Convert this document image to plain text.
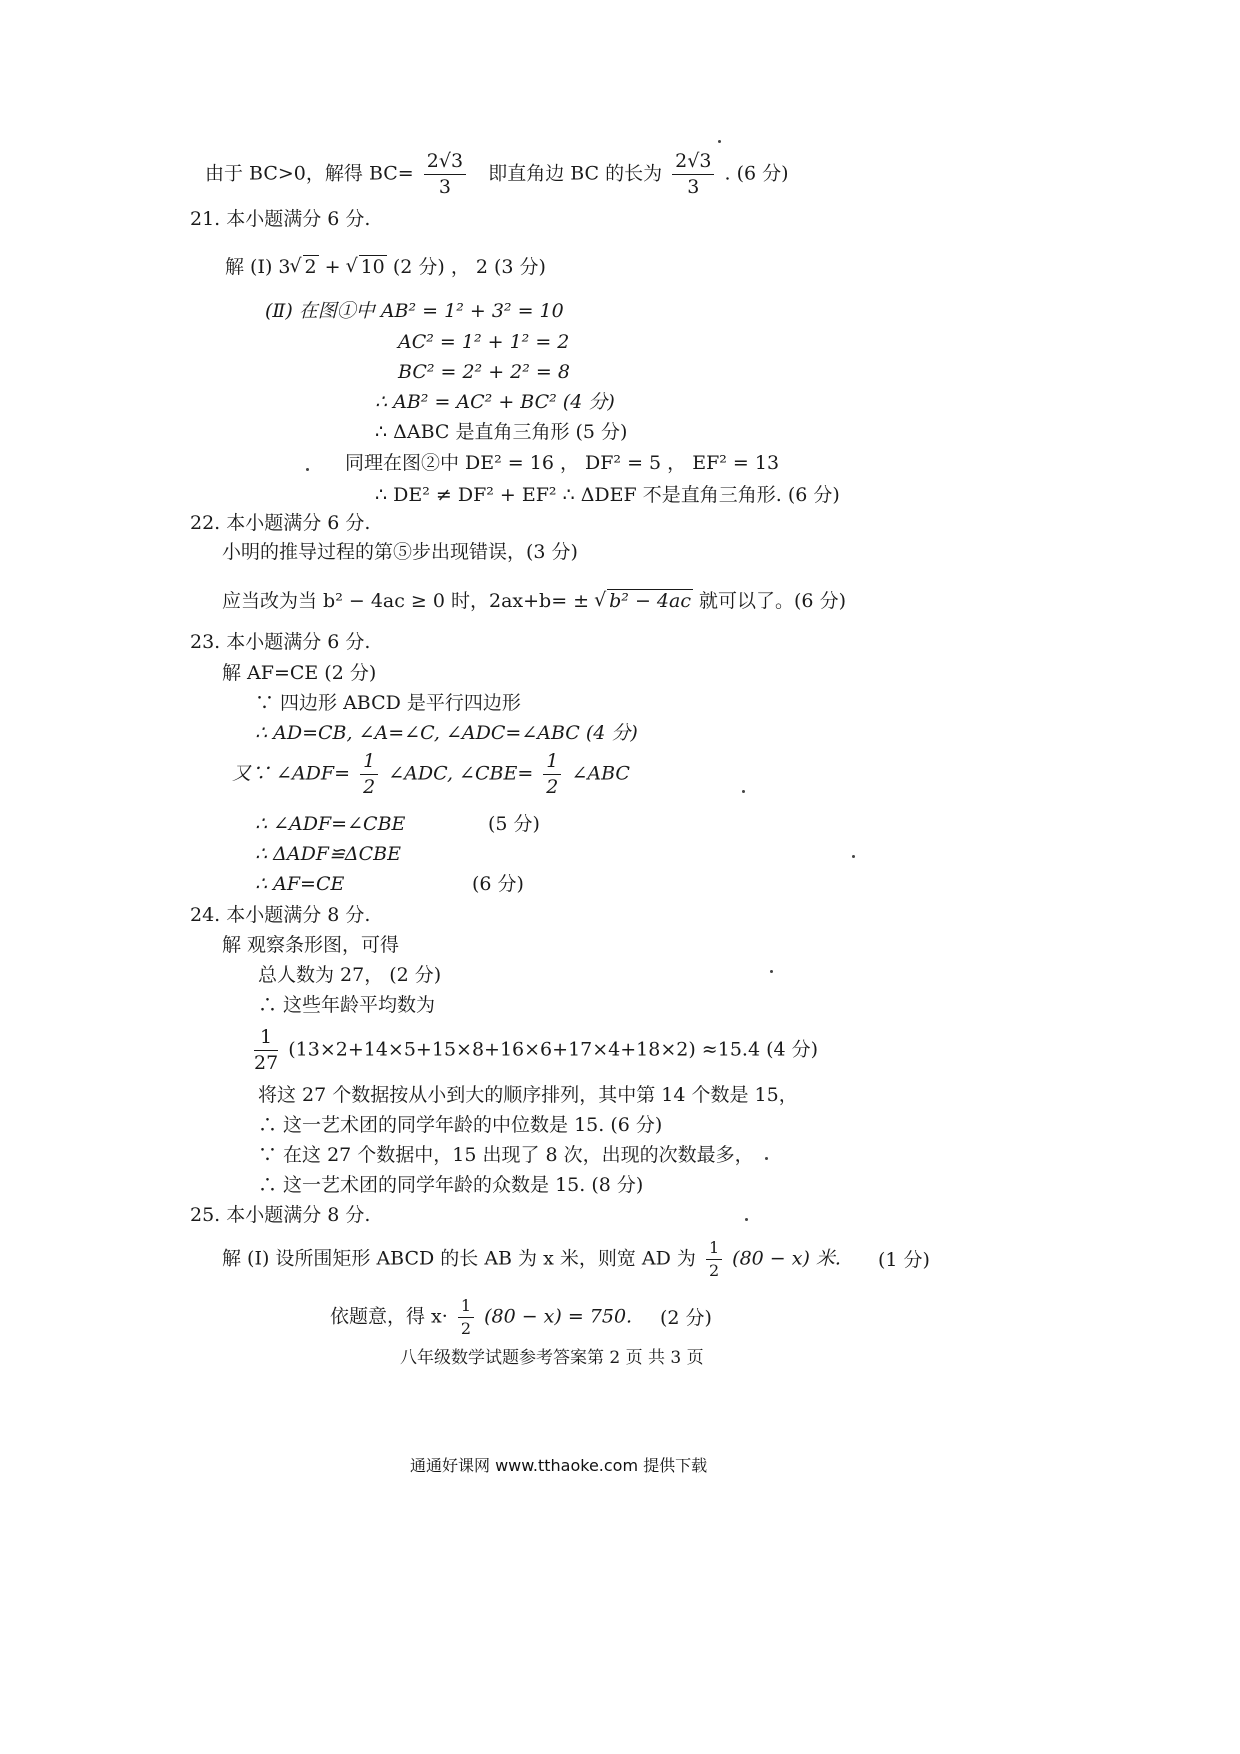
由于 BC>0，解得 $BC= \frac{2√3}{3}$ 即直角边 BC 的长为 $\frac{2√3}{3}$ . (6 分)
21. 本小题满分 6 分.
解 (Ⅰ) 3√ 2 + √ 10 (2 分) ， 2 (3 分)
(Ⅱ) 在图①中 AB² = 1² + 3² = 10
AC² = 1² + 1² = 2
BC² = 2² + 2² = 8
∴ AB² = AC² + BC² (4 分)
∴ ΔABC 是直角三角形 (5 分)
同理在图②中 DE² = 16 ， DF² = 5 ， EF² = 13
∴ DE² ≠ DF² + EF² ∴ ΔDEF 不是直角三角形. (6 分)
22. 本小题满分 6 分.
小明的推导过程的第⑤步出现错误，(3 分)
应当改为当 b² − 4ac ≥ 0 时，2ax+b= ± √ b² − 4ac 就可以了。(6 分)
23. 本小题满分 6 分.
解 AF=CE (2 分)
∵ 四边形 ABCD 是平行四边形
∴ AD=CB, ∠A=∠C, ∠ADC=∠ABC (4 分)
又∵ ∠ADF= $\frac{1}{2}$ ∠ADC, ∠CBE= $\frac{1}{2}$ ∠ABC
∴ ∠ADF=∠CBE	(5 分)
∴ ΔADF≌ΔCBE
∴ AF=CE	(6 分)
24. 本小题满分 8 分.
解 观察条形图，可得
总人数为 27， (2 分)
∴ 这些年龄平均数为
$\frac{1}{27} (13\times 2+14\times 5+15\times 8+16\times 6+17\times 4+18\times 2) \approx 15.4$ (4 分)
将这 27 个数据按从小到大的顺序排列，其中第 14 个数是 15，
∴ 这一艺术团的同学年龄的中位数是 15. (6 分)
∵ 在这 27 个数据中，15 出现了 8 次，出现的次数最多，
∴ 这一艺术团的同学年龄的众数是 15. (8 分)
25. 本小题满分 8 分.
解 (Ⅰ) 设所围矩形 ABCD 的长 AB 为 x 米，则宽 AD 为 $\frac{1}{2} (80 - x)$ 米. (1 分)
依题意，得 $x\cdot \frac{1}{2} (80 - x) = 750$. (2 分)
八年级数学试题参考答案第 2 页 共 3 页
通通好课网 www.tthaoke.com 提供下载
